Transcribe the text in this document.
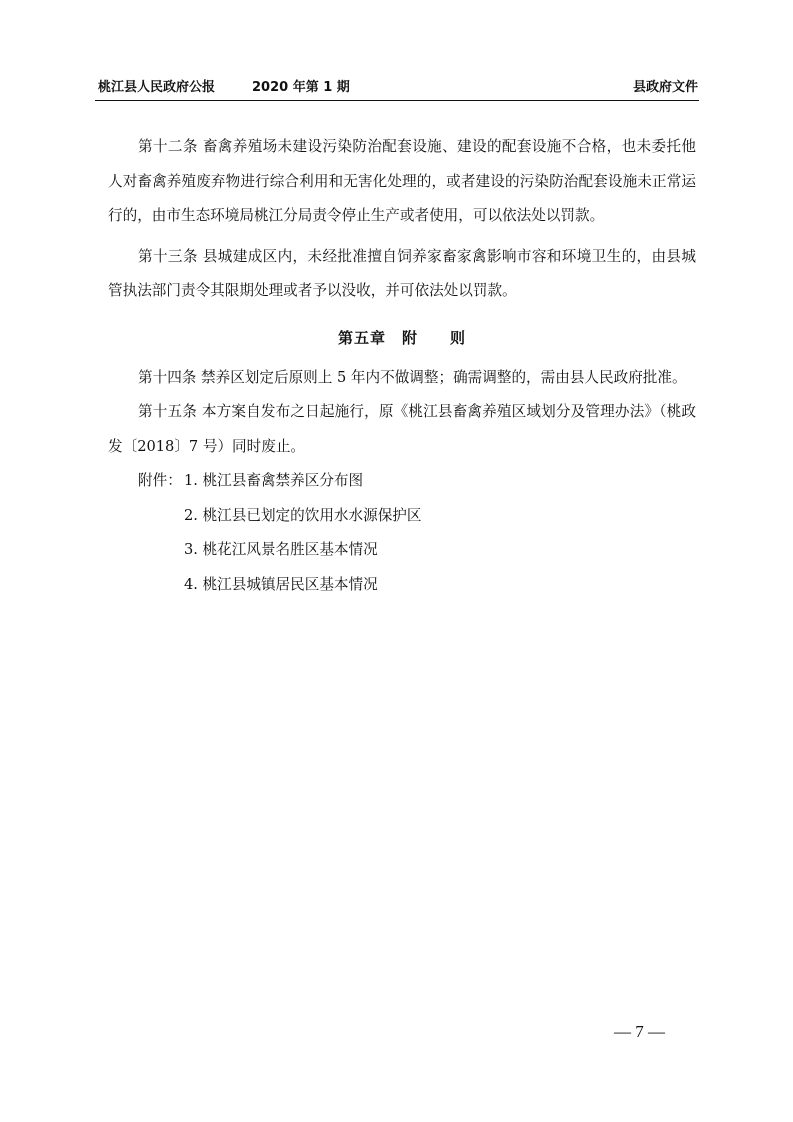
桃江县人民政府公报	2020 年第 1 期	县政府文件

第十二条 畜禽养殖场未建设污染防治配套设施、建设的配套设施不合格，也未委托他人对畜禽养殖废弃物进行综合利用和无害化处理的，或者建设的污染防治配套设施未正常运行的，由市生态环境局桃江分局责令停止生产或者使用，可以依法处以罚款。

第十三条 县城建成区内，未经批准擅自饲养家畜家禽影响市容和环境卫生的，由县城管执法部门责令其限期处理或者予以没收，并可依法处以罚款。

第五章　附　　则

第十四条 禁养区划定后原则上 5 年内不做调整；确需调整的，需由县人民政府批准。

第十五条 本方案自发布之日起施行，原《桃江县畜禽养殖区域划分及管理办法》（桃政发〔2018〕7 号）同时废止。

附件： 1. 桃江县畜禽禁养区分布图
2. 桃江县已划定的饮用水水源保护区
3. 桃花江风景名胜区基本情况
4. 桃江县城镇居民区基本情况
— 7 —
